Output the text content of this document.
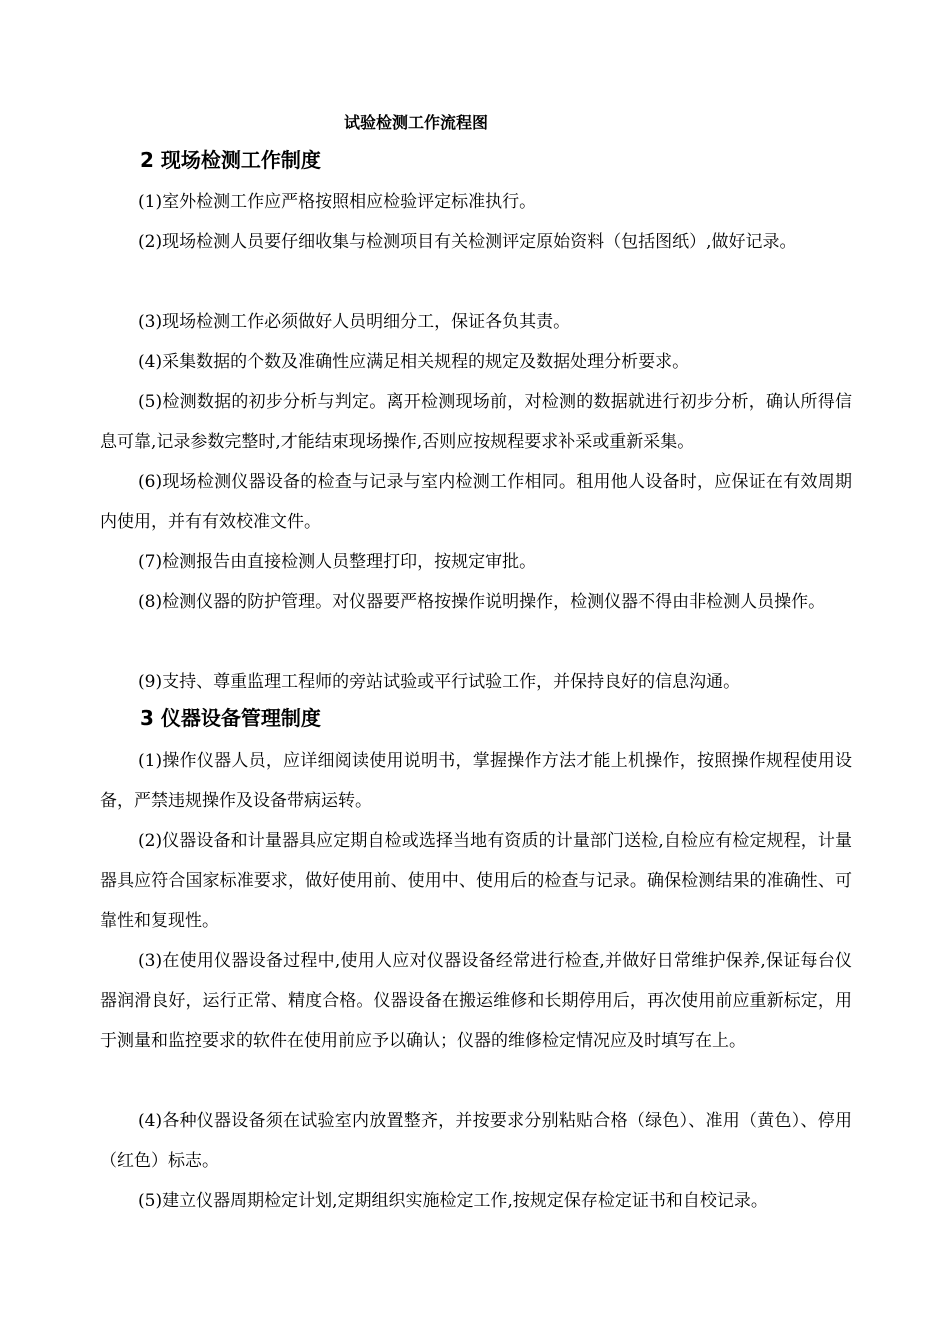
试验检测工作流程图
2 现场检测工作制度
(1)室外检测工作应严格按照相应检验评定标准执行。
(2)现场检测人员要仔细收集与检测项目有关检测评定原始资料（包括图纸）,做好记录。
(3)现场检测工作必须做好人员明细分工，保证各负其责。
(4)采集数据的个数及准确性应满足相关规程的规定及数据处理分析要求。
(5)检测数据的初步分析与判定。离开检测现场前，对检测的数据就进行初步分析，确认所得信息可靠,记录参数完整时,才能结束现场操作,否则应按规程要求补采或重新采集。
(6)现场检测仪器设备的检查与记录与室内检测工作相同。租用他人设备时，应保证在有效周期内使用，并有有效校准文件。
(7)检测报告由直接检测人员整理打印，按规定审批。
(8)检测仪器的防护管理。对仪器要严格按操作说明操作，检测仪器不得由非检测人员操作。
(9)支持、尊重监理工程师的旁站试验或平行试验工作，并保持良好的信息沟通。
3 仪器设备管理制度
(1)操作仪器人员，应详细阅读使用说明书，掌握操作方法才能上机操作，按照操作规程使用设备，严禁违规操作及设备带病运转。
(2)仪器设备和计量器具应定期自检或选择当地有资质的计量部门送检,自检应有检定规程，计量器具应符合国家标准要求，做好使用前、使用中、使用后的检查与记录。确保检测结果的准确性、可靠性和复现性。
(3)在使用仪器设备过程中,使用人应对仪器设备经常进行检查,并做好日常维护保养,保证每台仪器润滑良好，运行正常、精度合格。仪器设备在搬运维修和长期停用后，再次使用前应重新标定，用于测量和监控要求的软件在使用前应予以确认；仪器的维修检定情况应及时填写在上。
(4)各种仪器设备须在试验室内放置整齐，并按要求分别粘贴合格（绿色）、准用（黄色）、停用（红色）标志。
(5)建立仪器周期检定计划,定期组织实施检定工作,按规定保存检定证书和自校记录。
